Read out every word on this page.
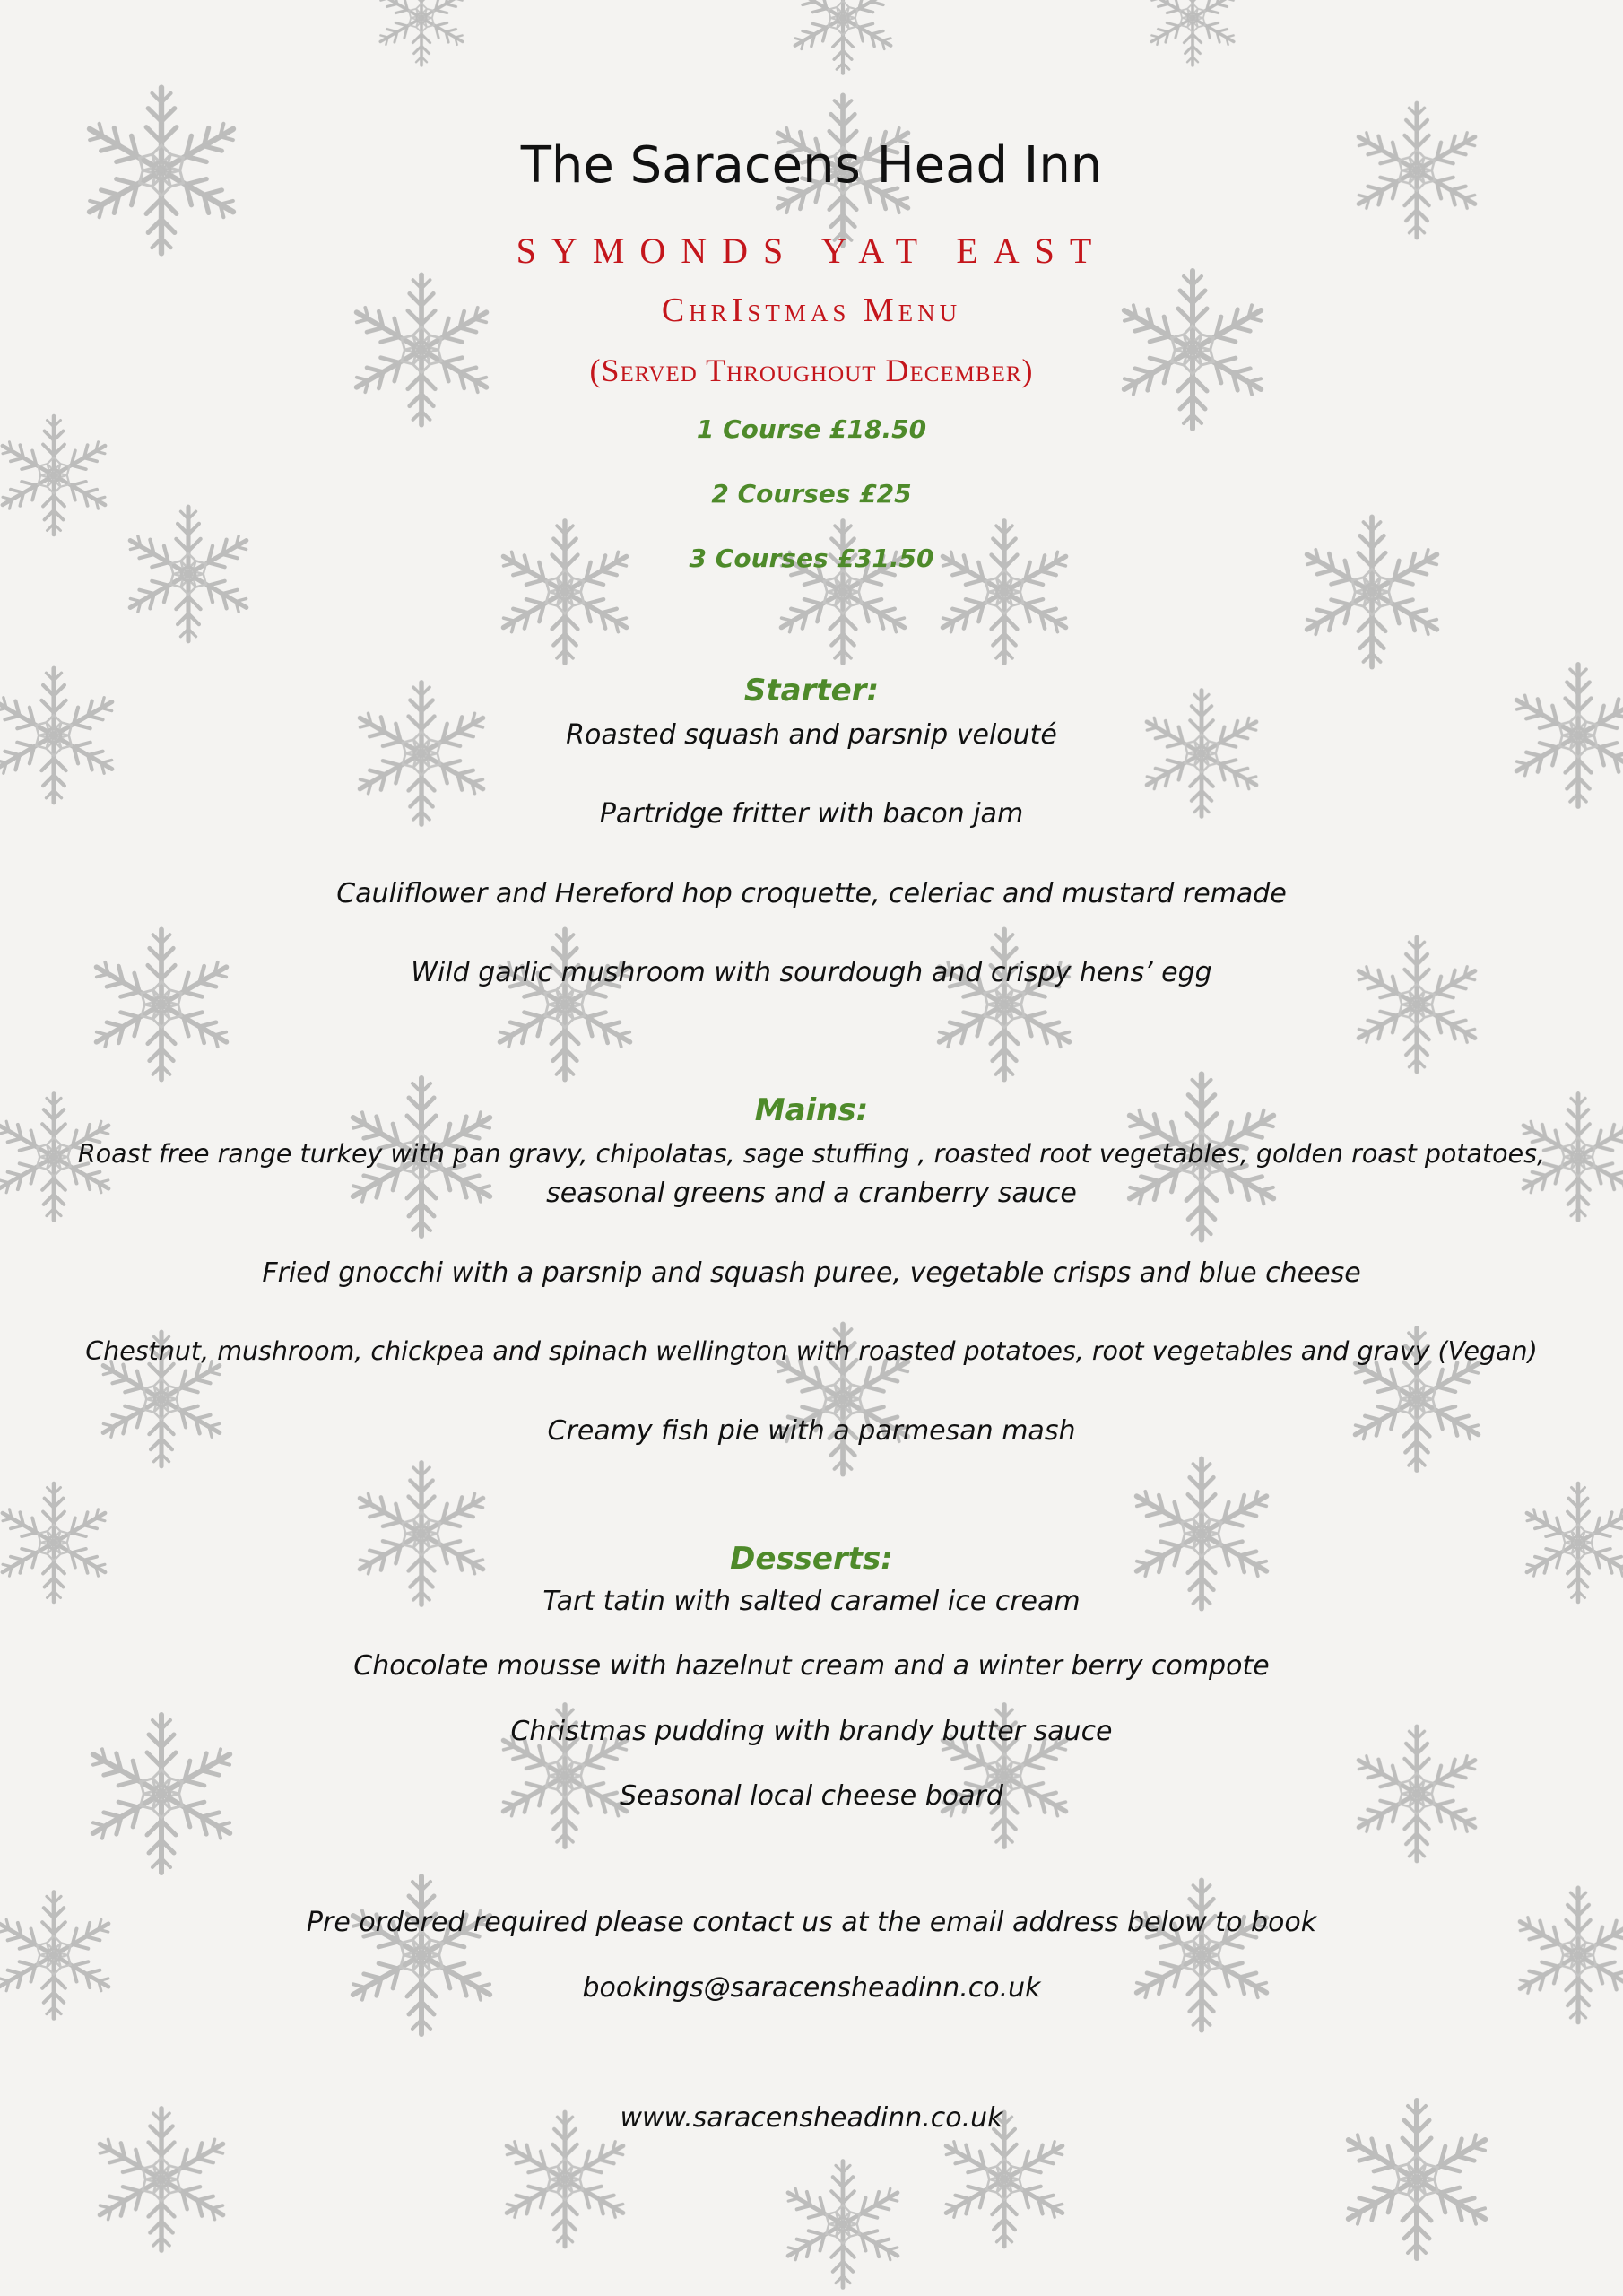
The Saracens Head Inn
SYMONDS YAT EAST
ChrIstmas Menu
(Served Throughout December)
1 Course £18.50
2 Courses £25
3 Courses £31.50
Starter:
Roasted squash and parsnip velouté
Partridge fritter with bacon jam
Cauliflower and Hereford hop croquette, celeriac and mustard remade
Wild garlic mushroom with sourdough and crispy hens’ egg
Mains:
Roast free range turkey with pan gravy, chipolatas, sage stuffing , roasted root vegetables, golden roast potatoes,
seasonal greens and a cranberry sauce
Fried gnocchi with a parsnip and squash puree, vegetable crisps and blue cheese
Chestnut, mushroom, chickpea and spinach wellington with roasted potatoes, root vegetables and gravy (Vegan)
Creamy fish pie with a parmesan mash
Desserts:
Tart tatin with salted caramel ice cream
Chocolate mousse with hazelnut cream and a winter berry compote
Christmas pudding with brandy butter sauce
Seasonal local cheese board
Pre ordered required please contact us at the email address below to book
bookings@saracensheadinn.co.uk
www.saracensheadinn.co.uk
